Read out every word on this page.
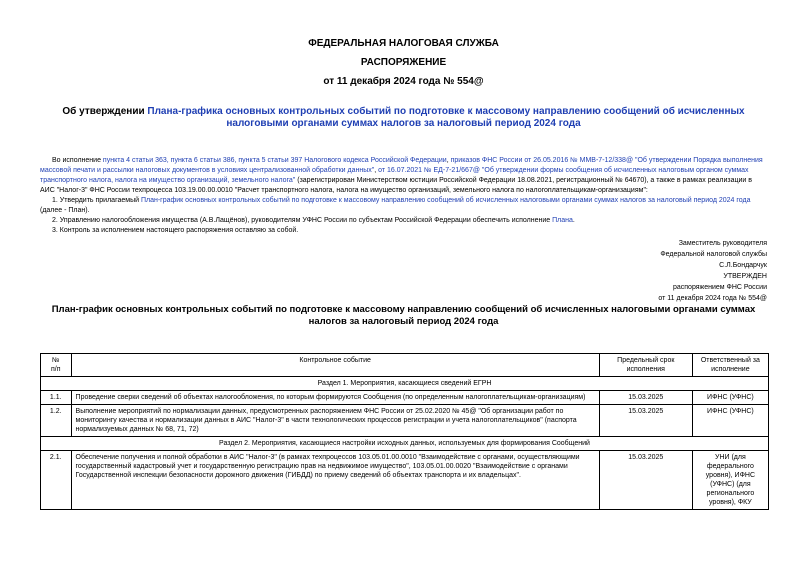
ФЕДЕРАЛЬНАЯ НАЛОГОВАЯ СЛУЖБА
РАСПОРЯЖЕНИЕ
от 11 декабря 2024 года № 554@
Об утверждении Плана-графика основных контрольных событий по подготовке к массовому направлению сообщений об исчисленных налоговыми органами суммах налогов за налоговый период 2024 года

Во исполнение пункта 4 статьи 363, пункта 6 статьи 386, пункта 5 статьи 397 Налогового кодекса Российской Федерации, приказов ФНС России от 26.05.2016 № ММВ-7-12/338@ "Об утверждении Порядка выполнения массовой печати и рассылки налоговых документов в условиях централизованной обработки данных", от 16.07.2021 № ЕД-7-21/667@ "Об утверждении формы сообщения об исчисленных налоговым органом суммах транспортного налога, налога на имущество организаций, земельного налога" (зарегистрирован Министерством юстиции Российской Федерации 18.08.2021, регистрационный № 64670), а также в рамках реализации в АИС "Налог-3" ФНС России техпроцесса 103.19.00.00.0010 "Расчет транспортного налога, налога на имущество организаций, земельного налога по налогоплательщикам-организациям":

1. Утвердить прилагаемый План-график основных контрольных событий по подготовке к массовому направлению сообщений об исчисленных налоговыми органами суммах налогов за налоговый период 2024 года (далее - План).

2. Управлению налогообложения имущества (А.В.Лащёнов), руководителям УФНС России по субъектам Российской Федерации обеспечить исполнение Плана.

3. Контроль за исполнением настоящего распоряжения оставляю за собой.

Заместитель руководителя
Федеральной налоговой службы
С.Л.Бондарчук
УТВЕРЖДЕН
распоряжением ФНС России
от 11 декабря 2024 года № 554@
План-график основных контрольных событий по подготовке к массовому направлению сообщений об исчисленных налоговыми органами суммах налогов за налоговый период 2024 года
№
п/п	Контрольное событие	Предельный срок исполнения	Ответственный за исполнение
Раздел 1. Мероприятия, касающиеся сведений ЕГРН			
1.1.	Проведение сверки сведений об объектах налогообложения, по которым формируются Сообщения (по определенным налогоплательщикам-организациям)	15.03.2025	ИФНС (УФНС)
1.2.	Выполнение мероприятий по нормализации данных, предусмотренных распоряжением ФНС России от 25.02.2020 № 45@ "Об организации работ по мониторингу качества и нормализации данных в АИС "Налог-3" в части технологических процессов регистрации и учета налогоплательщиков" (паспорта нормализуемых данных № 68, 71, 72)	15.03.2025	ИФНС (УФНС)
Раздел 2. Мероприятия, касающиеся настройки исходных данных, используемых для формирования Сообщений			
2.1.	Обеспечение получения и полной обработки в АИС "Налог-3" (в рамках техпроцессов 103.05.01.00.0010 "Взаимодействие с органами, осуществляющими государственный кадастровый учет и государственную регистрацию прав на недвижимое имущество", 103.05.01.00.0020 "Взаимодействие с органами Государственной инспекции безопасности дорожного движения (ГИБДД) по приему сведений об объектах транспорта и их владельцах".	15.03.2025	УНИ (для федерального уровня), ИФНС (УФНС) (для регионального уровня), ФКУ
